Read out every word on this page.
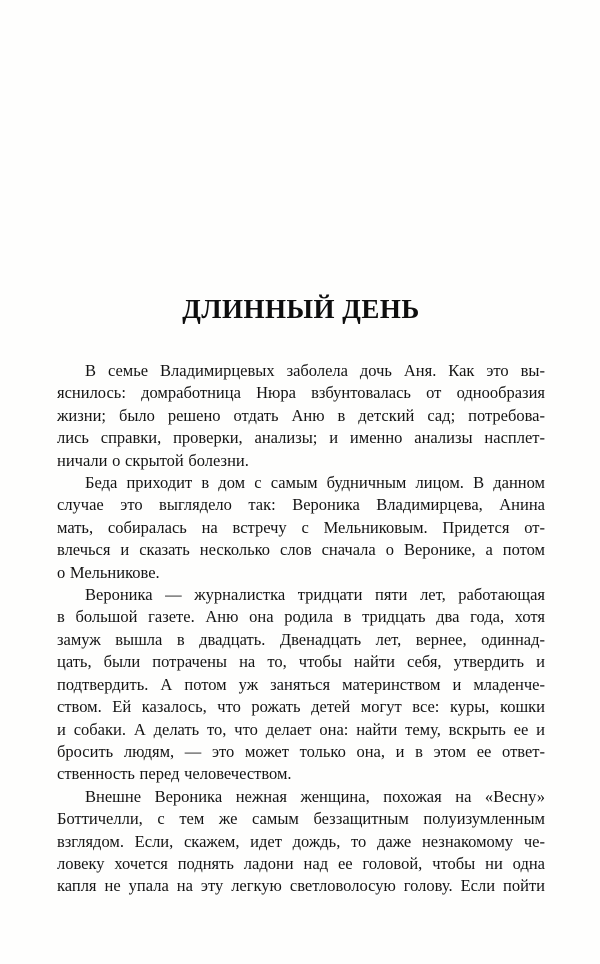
ДЛИННЫЙ ДЕНЬ

В семье Владимирцевых заболела дочь Аня. Как это вы-
яснилось: домработница Нюра взбунтовалась от однообразия
жизни; было решено отдать Аню в детский сад; потребова-
лись справки, проверки, анализы; и именно анализы насплет-
ничали о скрытой болезни.

Беда приходит в дом с самым будничным лицом. В данном
случае это выглядело так: Вероника Владимирцева, Анина
мать, собиралась на встречу с Мельниковым. Придется от-
влечься и сказать несколько слов сначала о Веронике, а потом
о Мельникове.

Вероника — журналистка тридцати пяти лет, работающая
в большой газете. Аню она родила в тридцать два года, хотя
замуж вышла в двадцать. Двенадцать лет, вернее, одиннад-
цать, были потрачены на то, чтобы найти себя, утвердить и
подтвердить. А потом уж заняться материнством и младенче-
ством. Ей казалось, что рожать детей могут все: куры, кошки
и собаки. А делать то, что делает она: найти тему, вскрыть ее и
бросить людям, — это может только она, и в этом ее ответ-
ственность перед человечеством.

Внешне Вероника нежная женщина, похожая на «Весну»
Боттичелли, с тем же самым беззащитным полуизумленным
взглядом. Если, скажем, идет дождь, то даже незнакомому че-
ловеку хочется поднять ладони над ее головой, чтобы ни одна
капля не упала на эту легкую светловолосую голову. Если пойти
